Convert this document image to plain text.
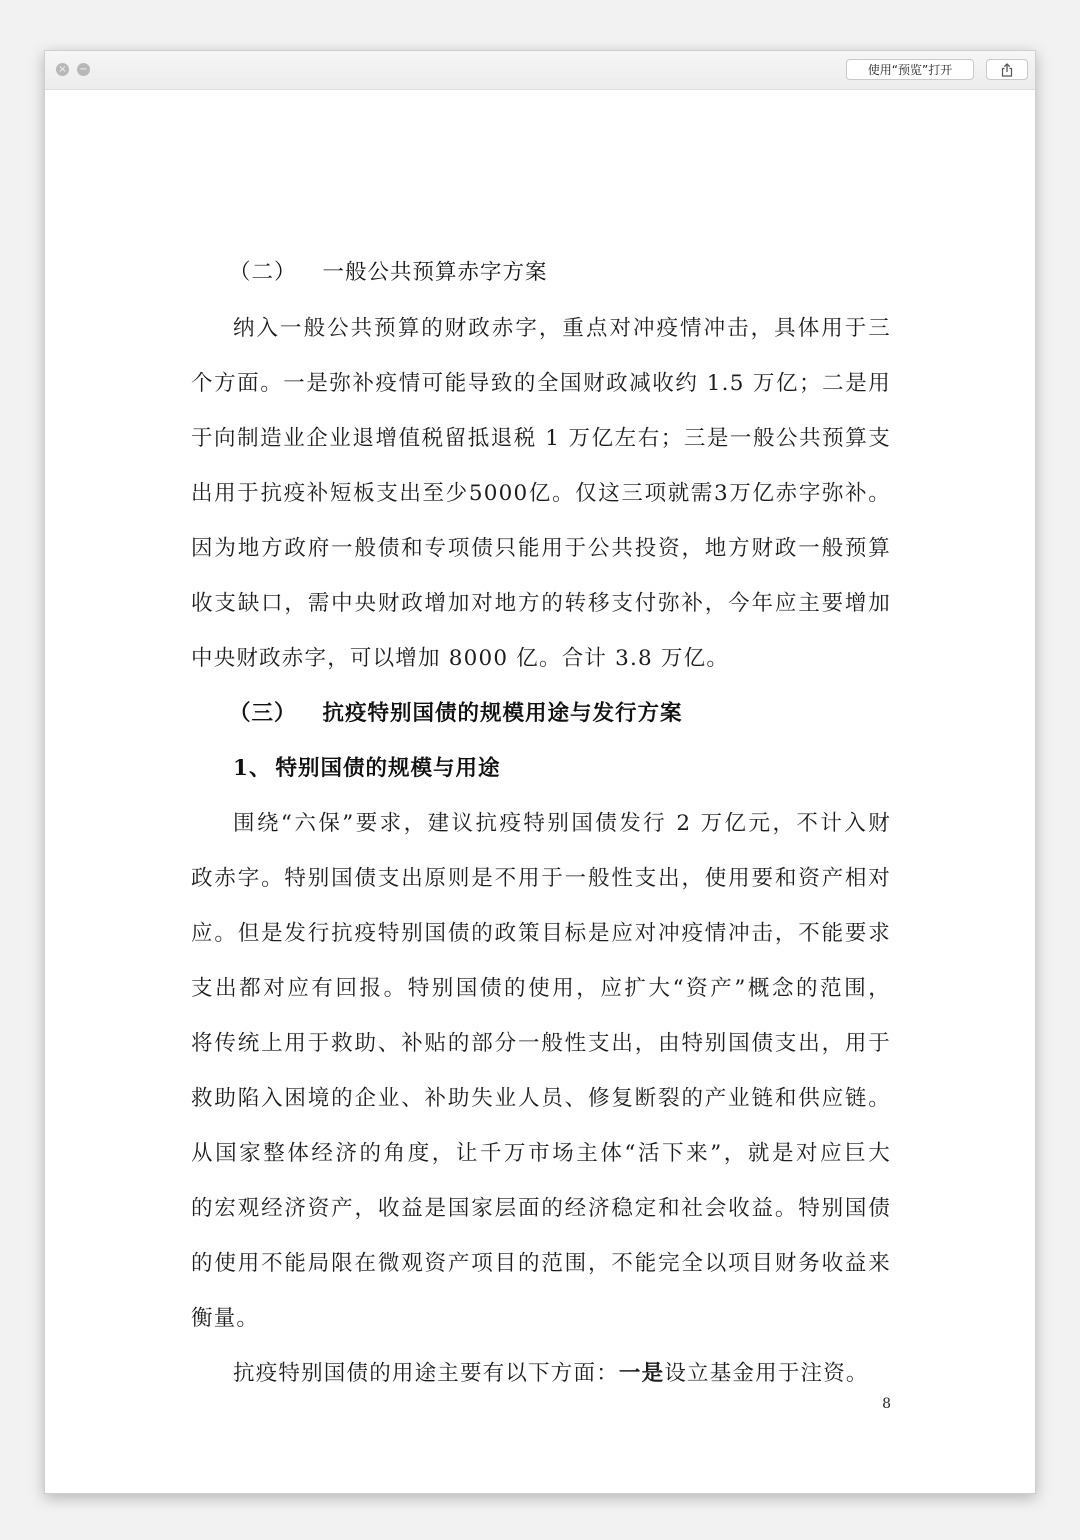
× −	使用“预览”打开
（二） 一般公共预算赤字方案
纳入一般公共预算的财政赤字，重点对冲疫情冲击，具体用于三
个方面。一是弥补疫情可能导致的全国财政减收约 1.5 万亿；二是用
于向制造业企业退增值税留抵退税 1 万亿左右；三是一般公共预算支
出用于抗疫补短板支出至少5000亿。仅这三项就需3万亿赤字弥补。
因为地方政府一般债和专项债只能用于公共投资，地方财政一般预算
收支缺口，需中央财政增加对地方的转移支付弥补，今年应主要增加
中央财政赤字，可以增加 8000 亿。合计 3.8 万亿。
（三） 抗疫特别国债的规模用途与发行方案
1、 特别国债的规模与用途
围绕“六保”要求，建议抗疫特别国债发行 2 万亿元，不计入财
政赤字。特别国债支出原则是不用于一般性支出，使用要和资产相对
应。但是发行抗疫特别国债的政策目标是应对冲疫情冲击，不能要求
支出都对应有回报。特别国债的使用，应扩大“资产”概念的范围，
将传统上用于救助、补贴的部分一般性支出，由特别国债支出，用于
救助陷入困境的企业、补助失业人员、修复断裂的产业链和供应链。
从国家整体经济的角度，让千万市场主体“活下来”，就是对应巨大
的宏观经济资产，收益是国家层面的经济稳定和社会收益。特别国债
的使用不能局限在微观资产项目的范围，不能完全以项目财务收益来
衡量。
抗疫特别国债的用途主要有以下方面：一是设立基金用于注资。
8
